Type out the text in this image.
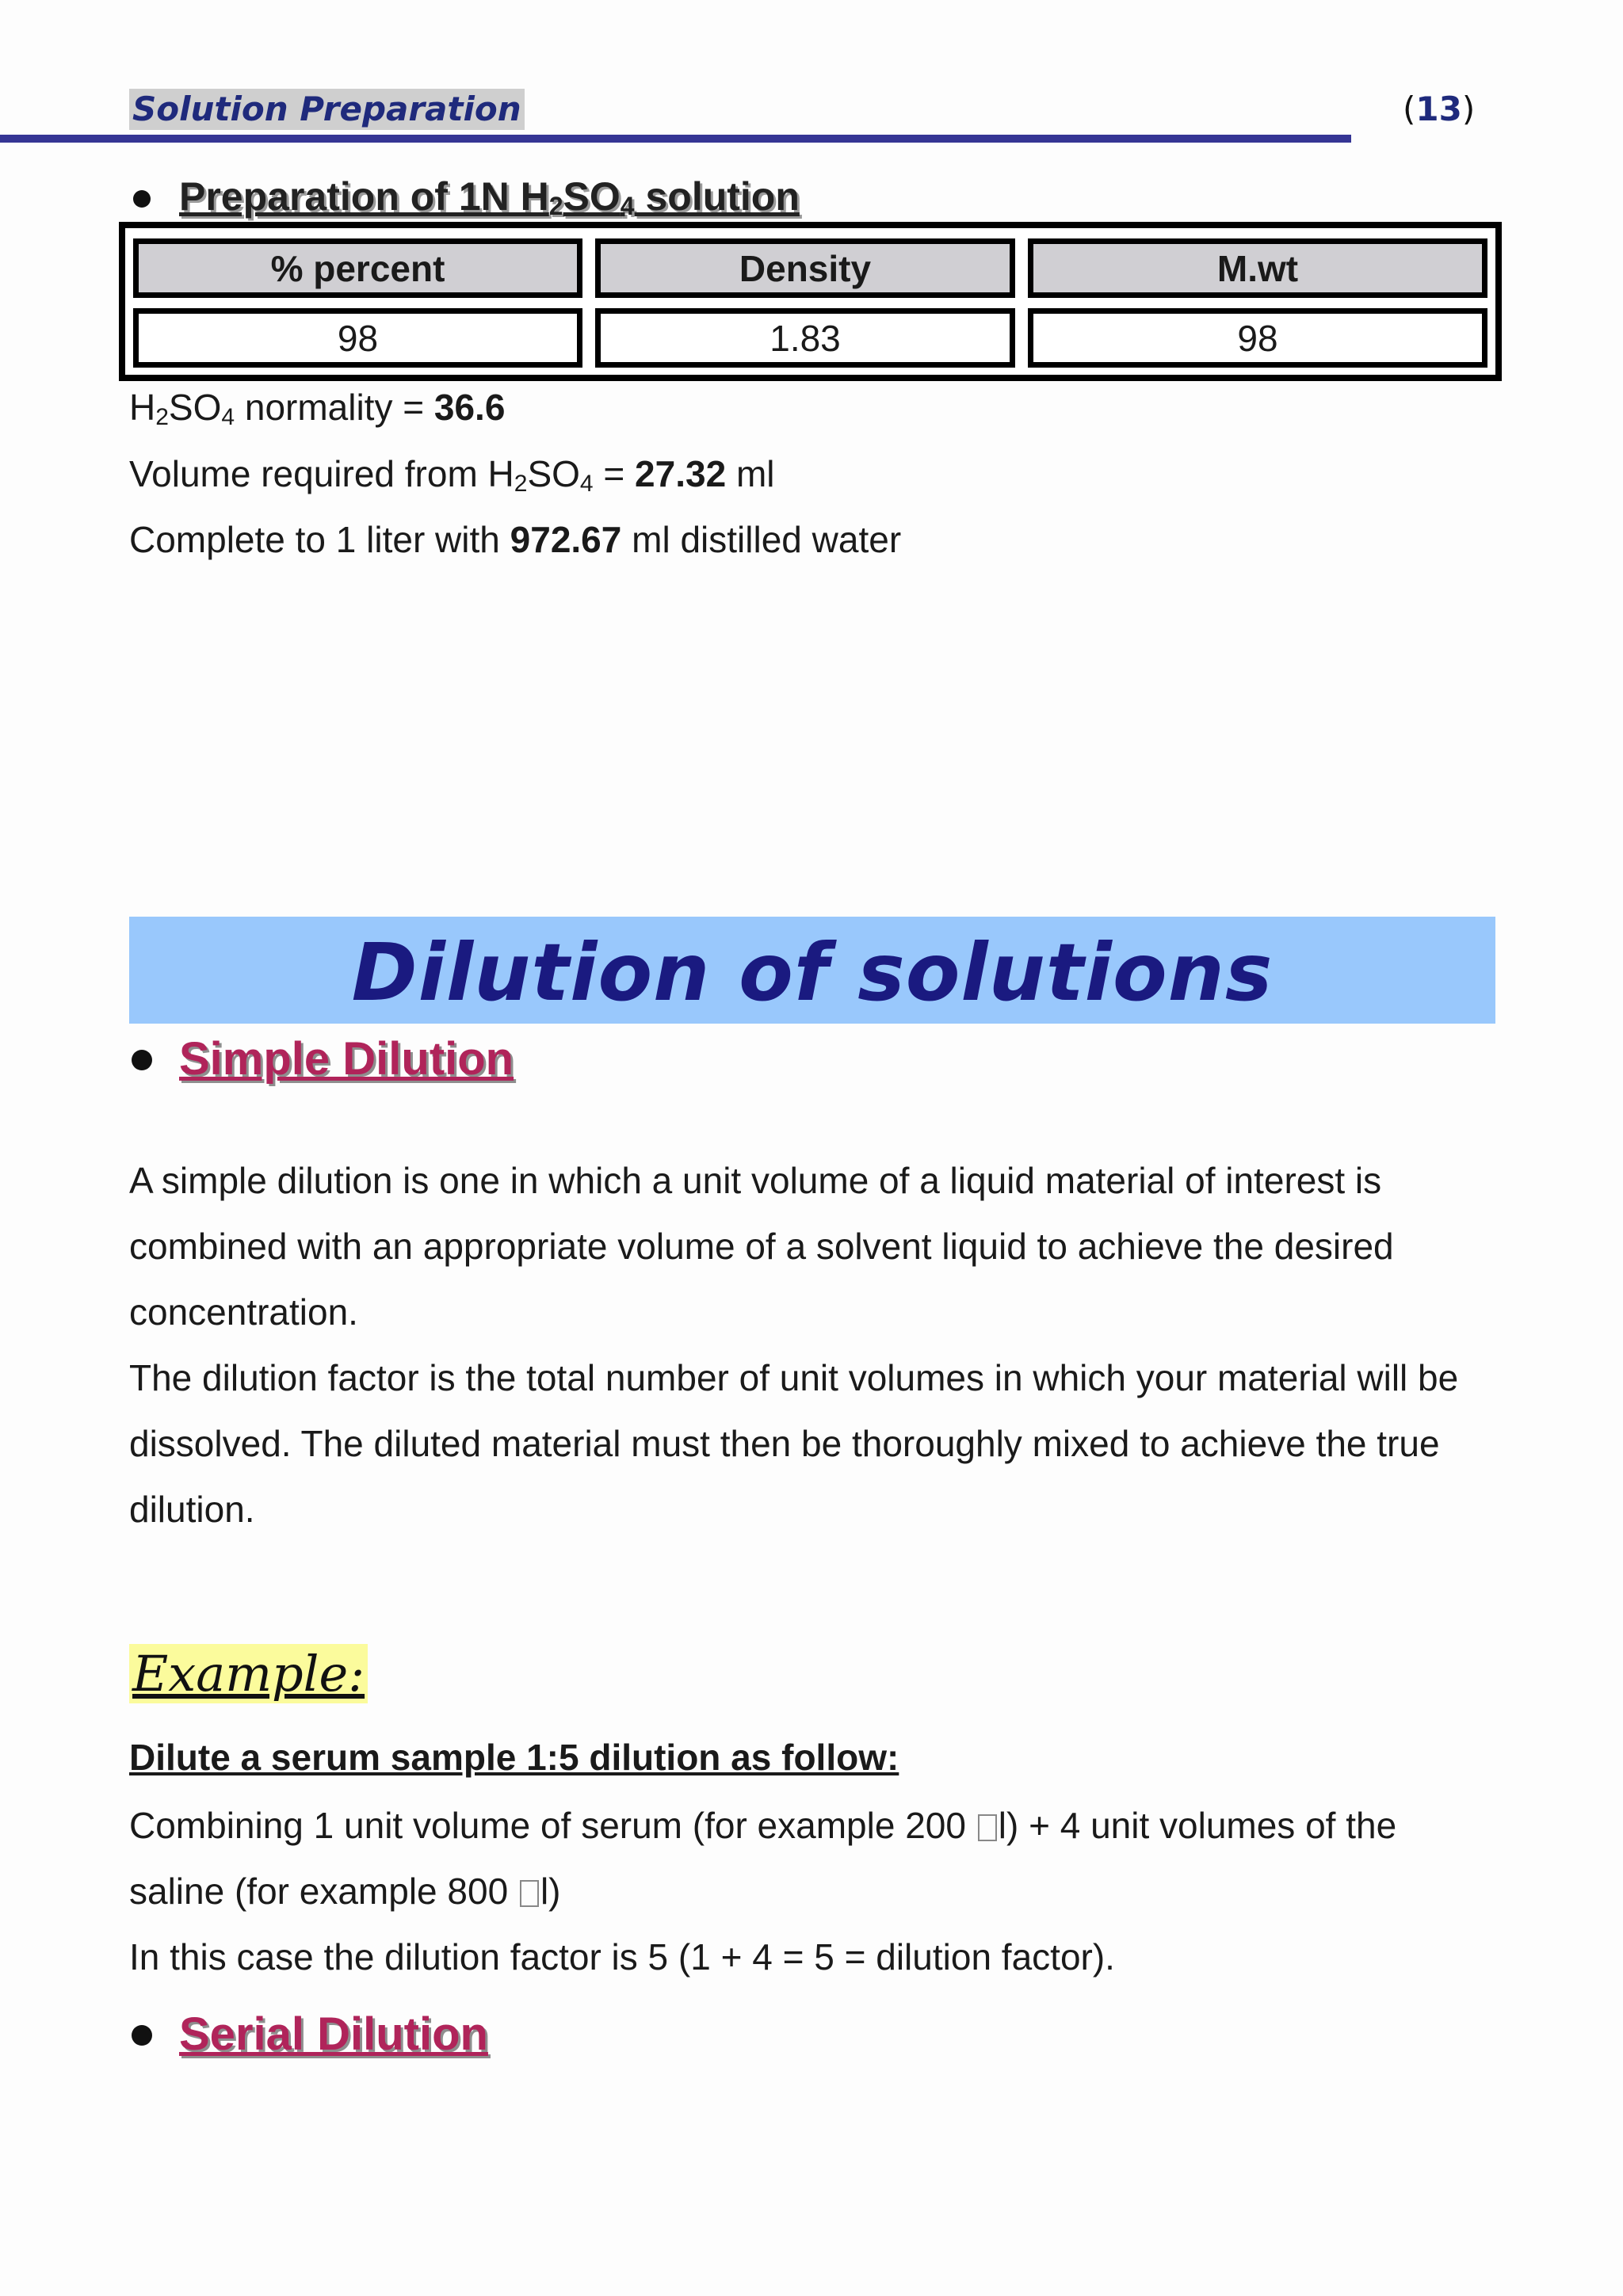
Solution Preparation	(13)
Preparation of 1N $H_2SO_4$ solution
% percent	Density	M.wt
98	1.83	98
$H_2SO_4$ normality = 36.6
Volume required from $H_2SO_4 = 27.32$ ml
Complete to 1 liter with 972.67 ml distilled water
Dilution of solutions
Simple Dilution
A simple dilution is one in which a unit volume of a liquid material of interest is combined with an appropriate volume of a solvent liquid to achieve the desired concentration.
The dilution factor is the total number of unit volumes in which your material will be dissolved. The diluted material must then be thoroughly mixed to achieve the true dilution.
Example:
Dilute a serum sample 1:5 dilution as follow:
Combining 1 unit volume of serum (for example 200 l) + 4 unit volumes of the saline (for example 800 l)
In this case the dilution factor is 5 (1 + 4 = 5 = dilution factor).
Serial Dilution
